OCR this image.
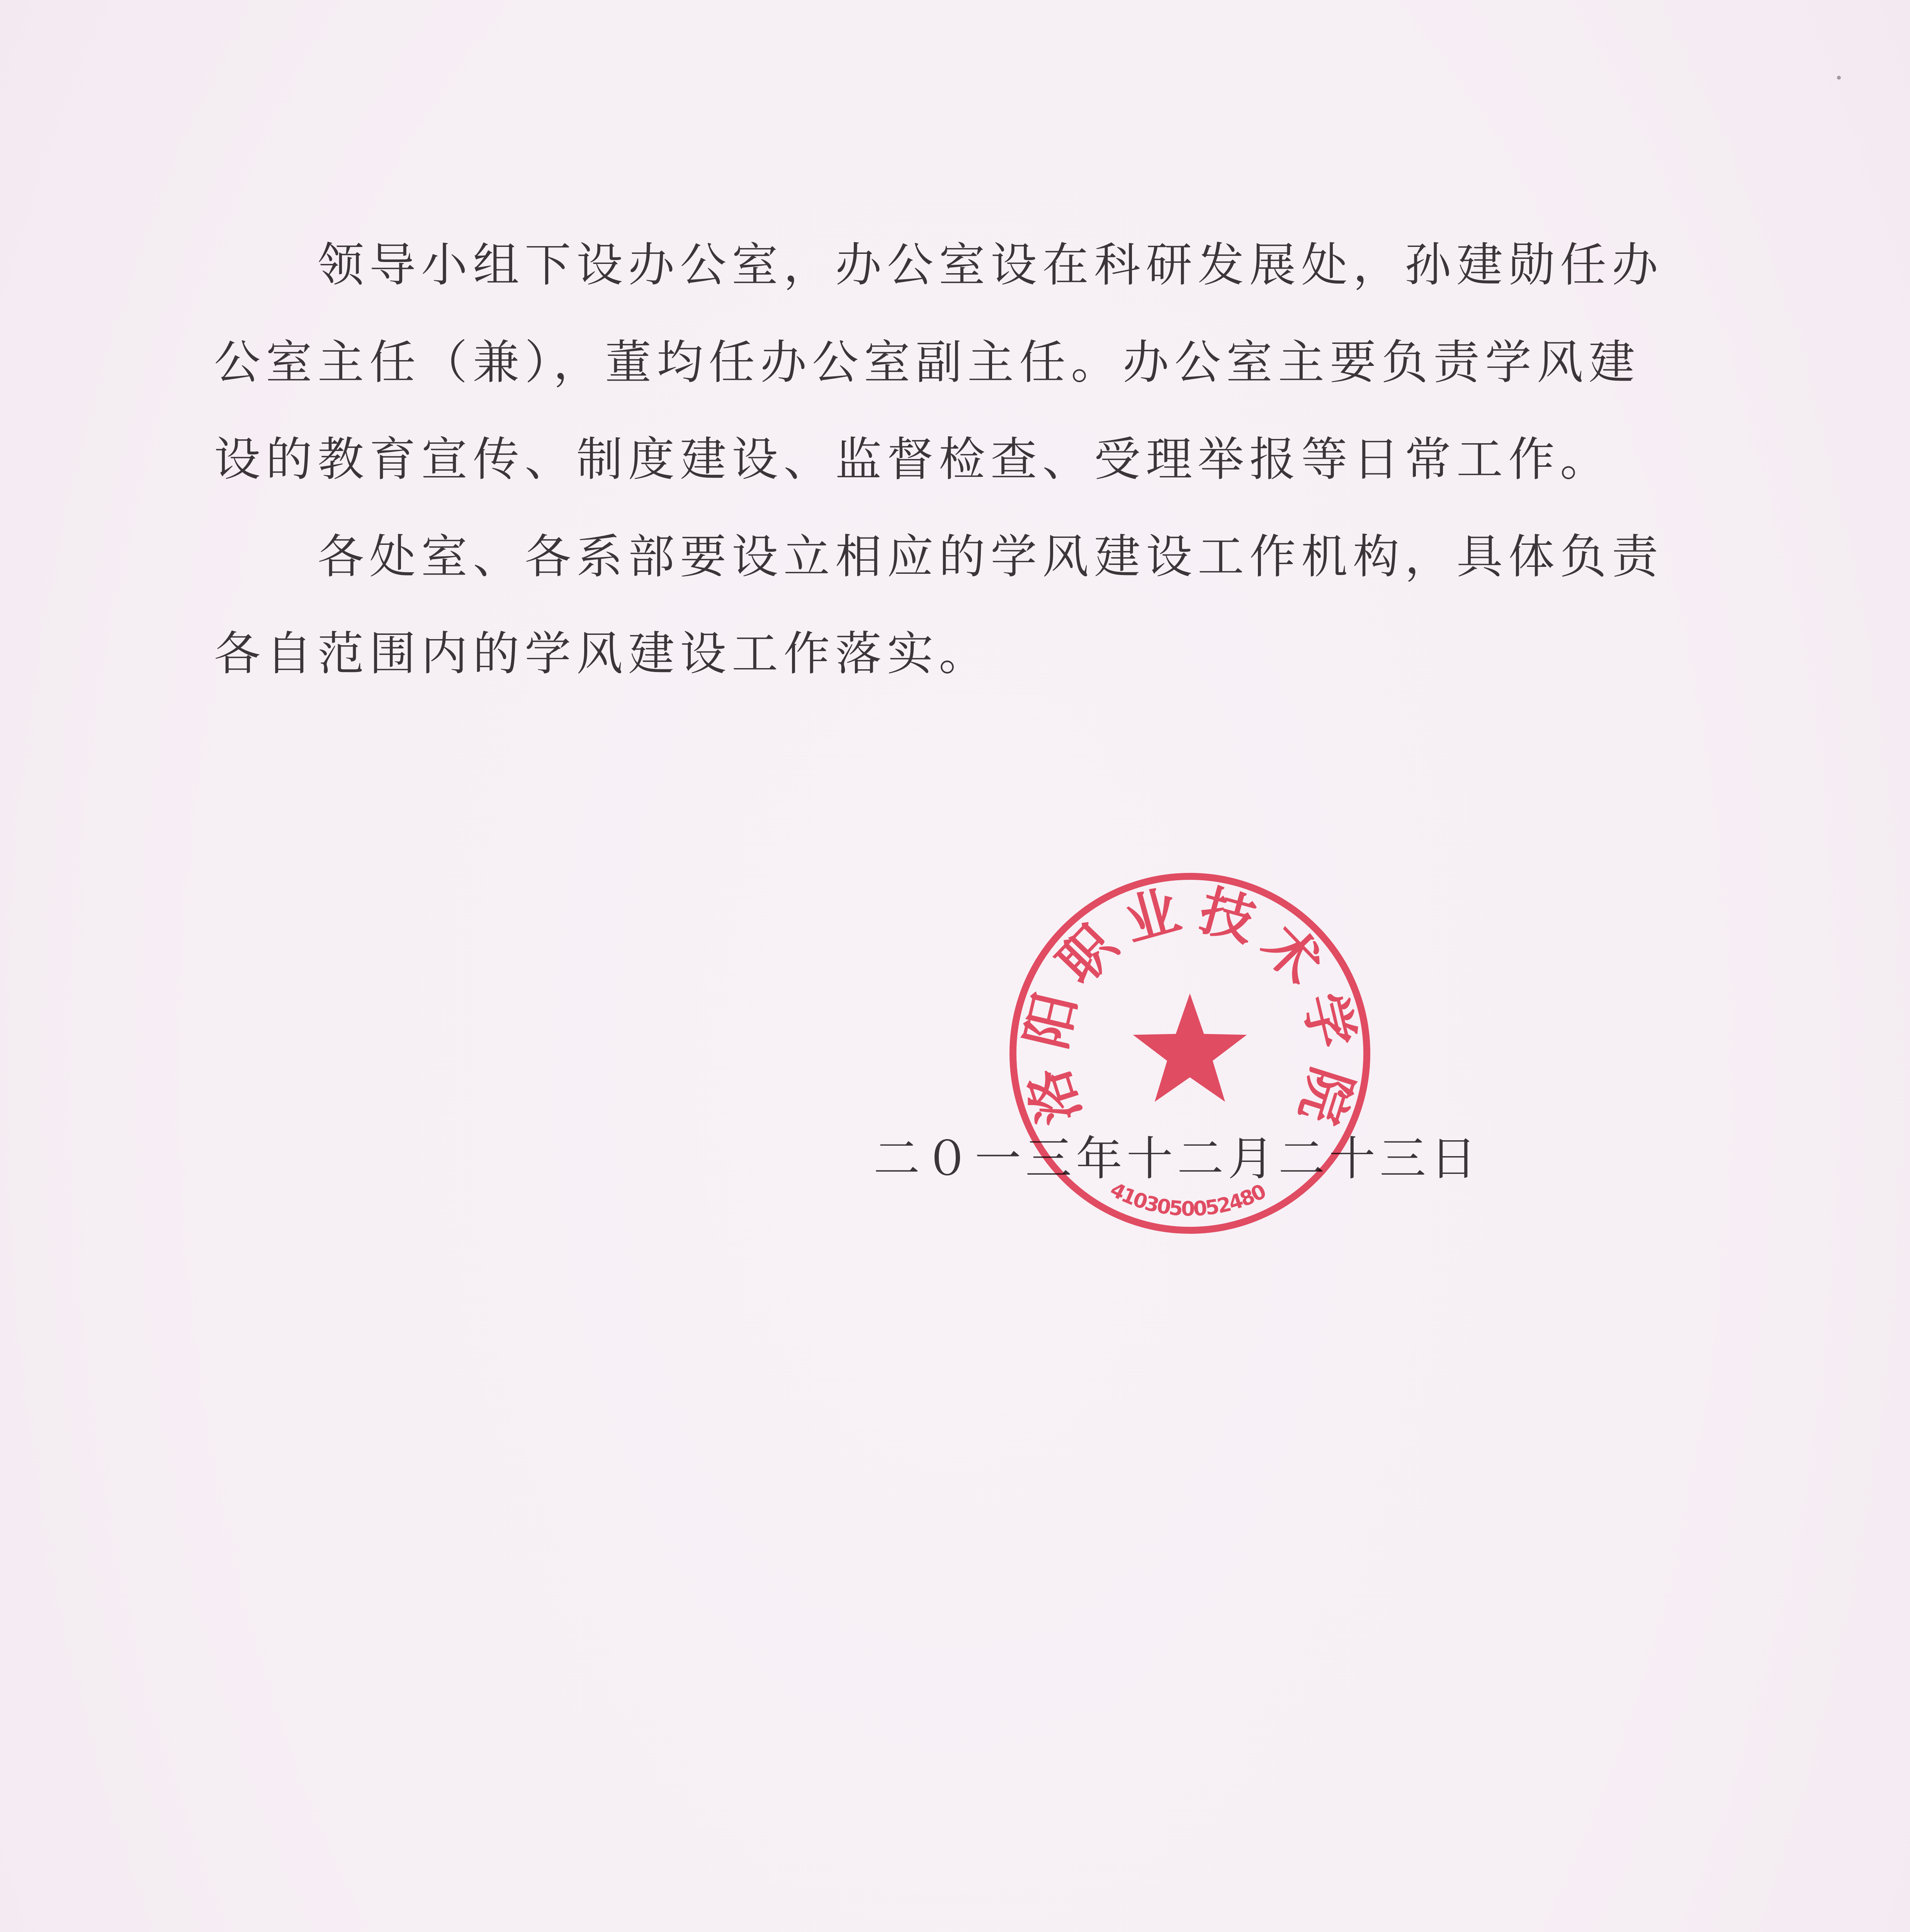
领导小组下设办公室，办公室设在科研发展处，孙建勋任办
公室主任（兼），董均任办公室副主任。办公室主要负责学风建
设的教育宣传、制度建设、监督检查、受理举报等日常工作。
各处室、各系部要设立相应的学风建设工作机构，具体负责
各自范围内的学风建设工作落实。
二０一三年十二月二十三日
洛阳职业技术学院
4103050052480
